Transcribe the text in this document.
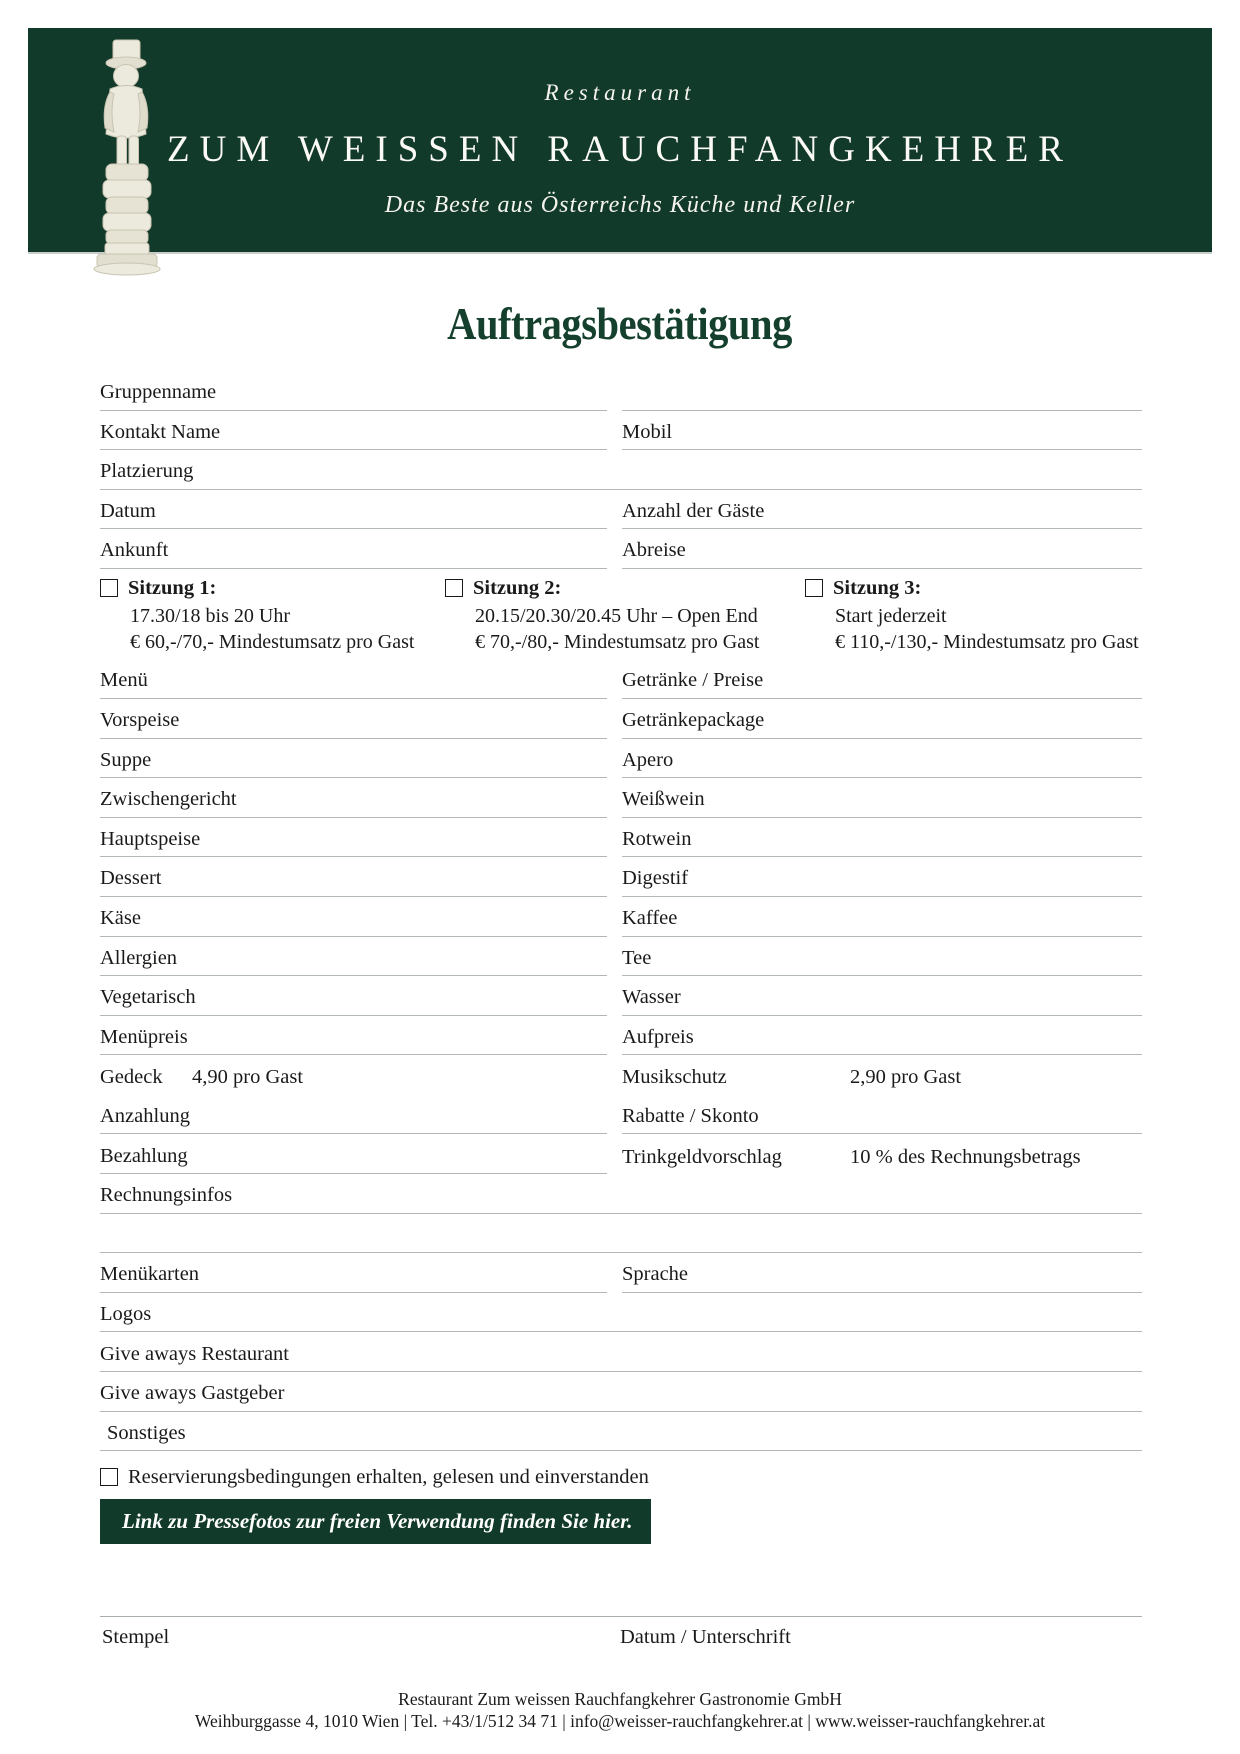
Restaurant
ZUM WEISSEN RAUCHFANGKEHRER
Das Beste aus Österreichs Küche und Keller
Auftragsbestätigung
Gruppenname
Kontakt Name	Mobil
Platzierung
Datum	Anzahl der Gäste
Ankunft	Abreise
Sitzung 1:
17.30/18 bis 20 Uhr
€ 60,-/70,- Mindestumsatz pro Gast
Sitzung 2:
20.15/20.30/20.45 Uhr – Open End
€ 70,-/80,- Mindestumsatz pro Gast
Sitzung 3:
Start jederzeit
€ 110,-/130,- Mindestumsatz pro Gast
Menü	Getränke / Preise
Vorspeise	Getränkepackage
Suppe	Apero
Zwischengericht	Weißwein
Hauptspeise	Rotwein
Dessert	Digestif
Käse	Kaffee
Allergien	Tee
Vegetarisch	Wasser
Menüpreis	Aufpreis
Gedeck 4,90 pro Gast	Musikschutz	2,90 pro Gast
Anzahlung	Rabatte / Skonto
Bezahlung	Trinkgeldvorschlag	10 % des Rechnungsbetrags
Rechnungsinfos
Menükarten	Sprache
Logos
Give aways Restaurant
Give aways Gastgeber
Sonstiges
Reservierungsbedingungen erhalten, gelesen und einverstanden
Link zu Pressefotos zur freien Verwendung finden Sie hier.
Stempel	Datum / Unterschrift
Restaurant Zum weissen Rauchfangkehrer Gastronomie GmbH
Weihburggasse 4, 1010 Wien | Tel. +43/1/512 34 71 | info@weisser-rauchfangkehrer.at | www.weisser-rauchfangkehrer.at
